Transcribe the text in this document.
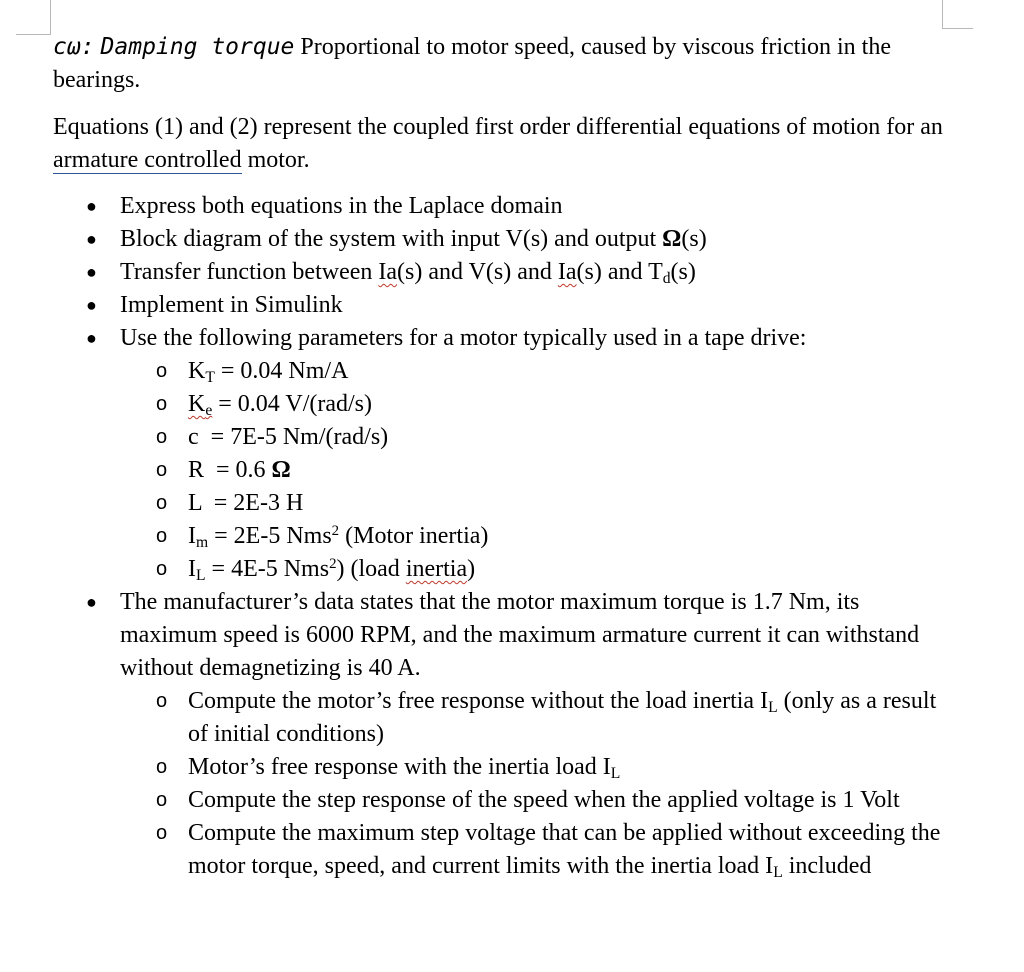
cω: Damping torque Proportional to motor speed, caused by viscous friction in the bearings.

Equations (1) and (2) represent the coupled first order differential equations of motion for an armature controlled motor.

● Express both equations in the Laplace domain
● Block diagram of the system with input V(s) and output Ω(s)
● Transfer function between Ia(s) and V(s) and Ia(s) and $T_d(s)$
● Implement in Simulink
● Use the following parameters for a motor typically used in a tape drive:
o $K_T = 0.04$ Nm/A
o $K_e = 0.04$ V/(rad/s)
o c  = 7E-5 Nm/(rad/s)
o R  = 0.6 Ω
o L  = 2E-3 H
o $I_m = 2E-5$ Nms$^2$ (Motor inertia)
o $I_L = 4E-5$ Nms$^2$) (load inertia)
● The manufacturer’s data states that the motor maximum torque is 1.7 Nm, its maximum speed is 6000 RPM, and the maximum armature current it can withstand without demagnetizing is 40 A.
o Compute the motor’s free response without the load inertia $I_L$ (only as a result of initial conditions)
o Motor’s free response with the inertia load $I_L$
o Compute the step response of the speed when the applied voltage is 1 Volt
o Compute the maximum step voltage that can be applied without exceeding the motor torque, speed, and current limits with the inertia load $I_L$ included
